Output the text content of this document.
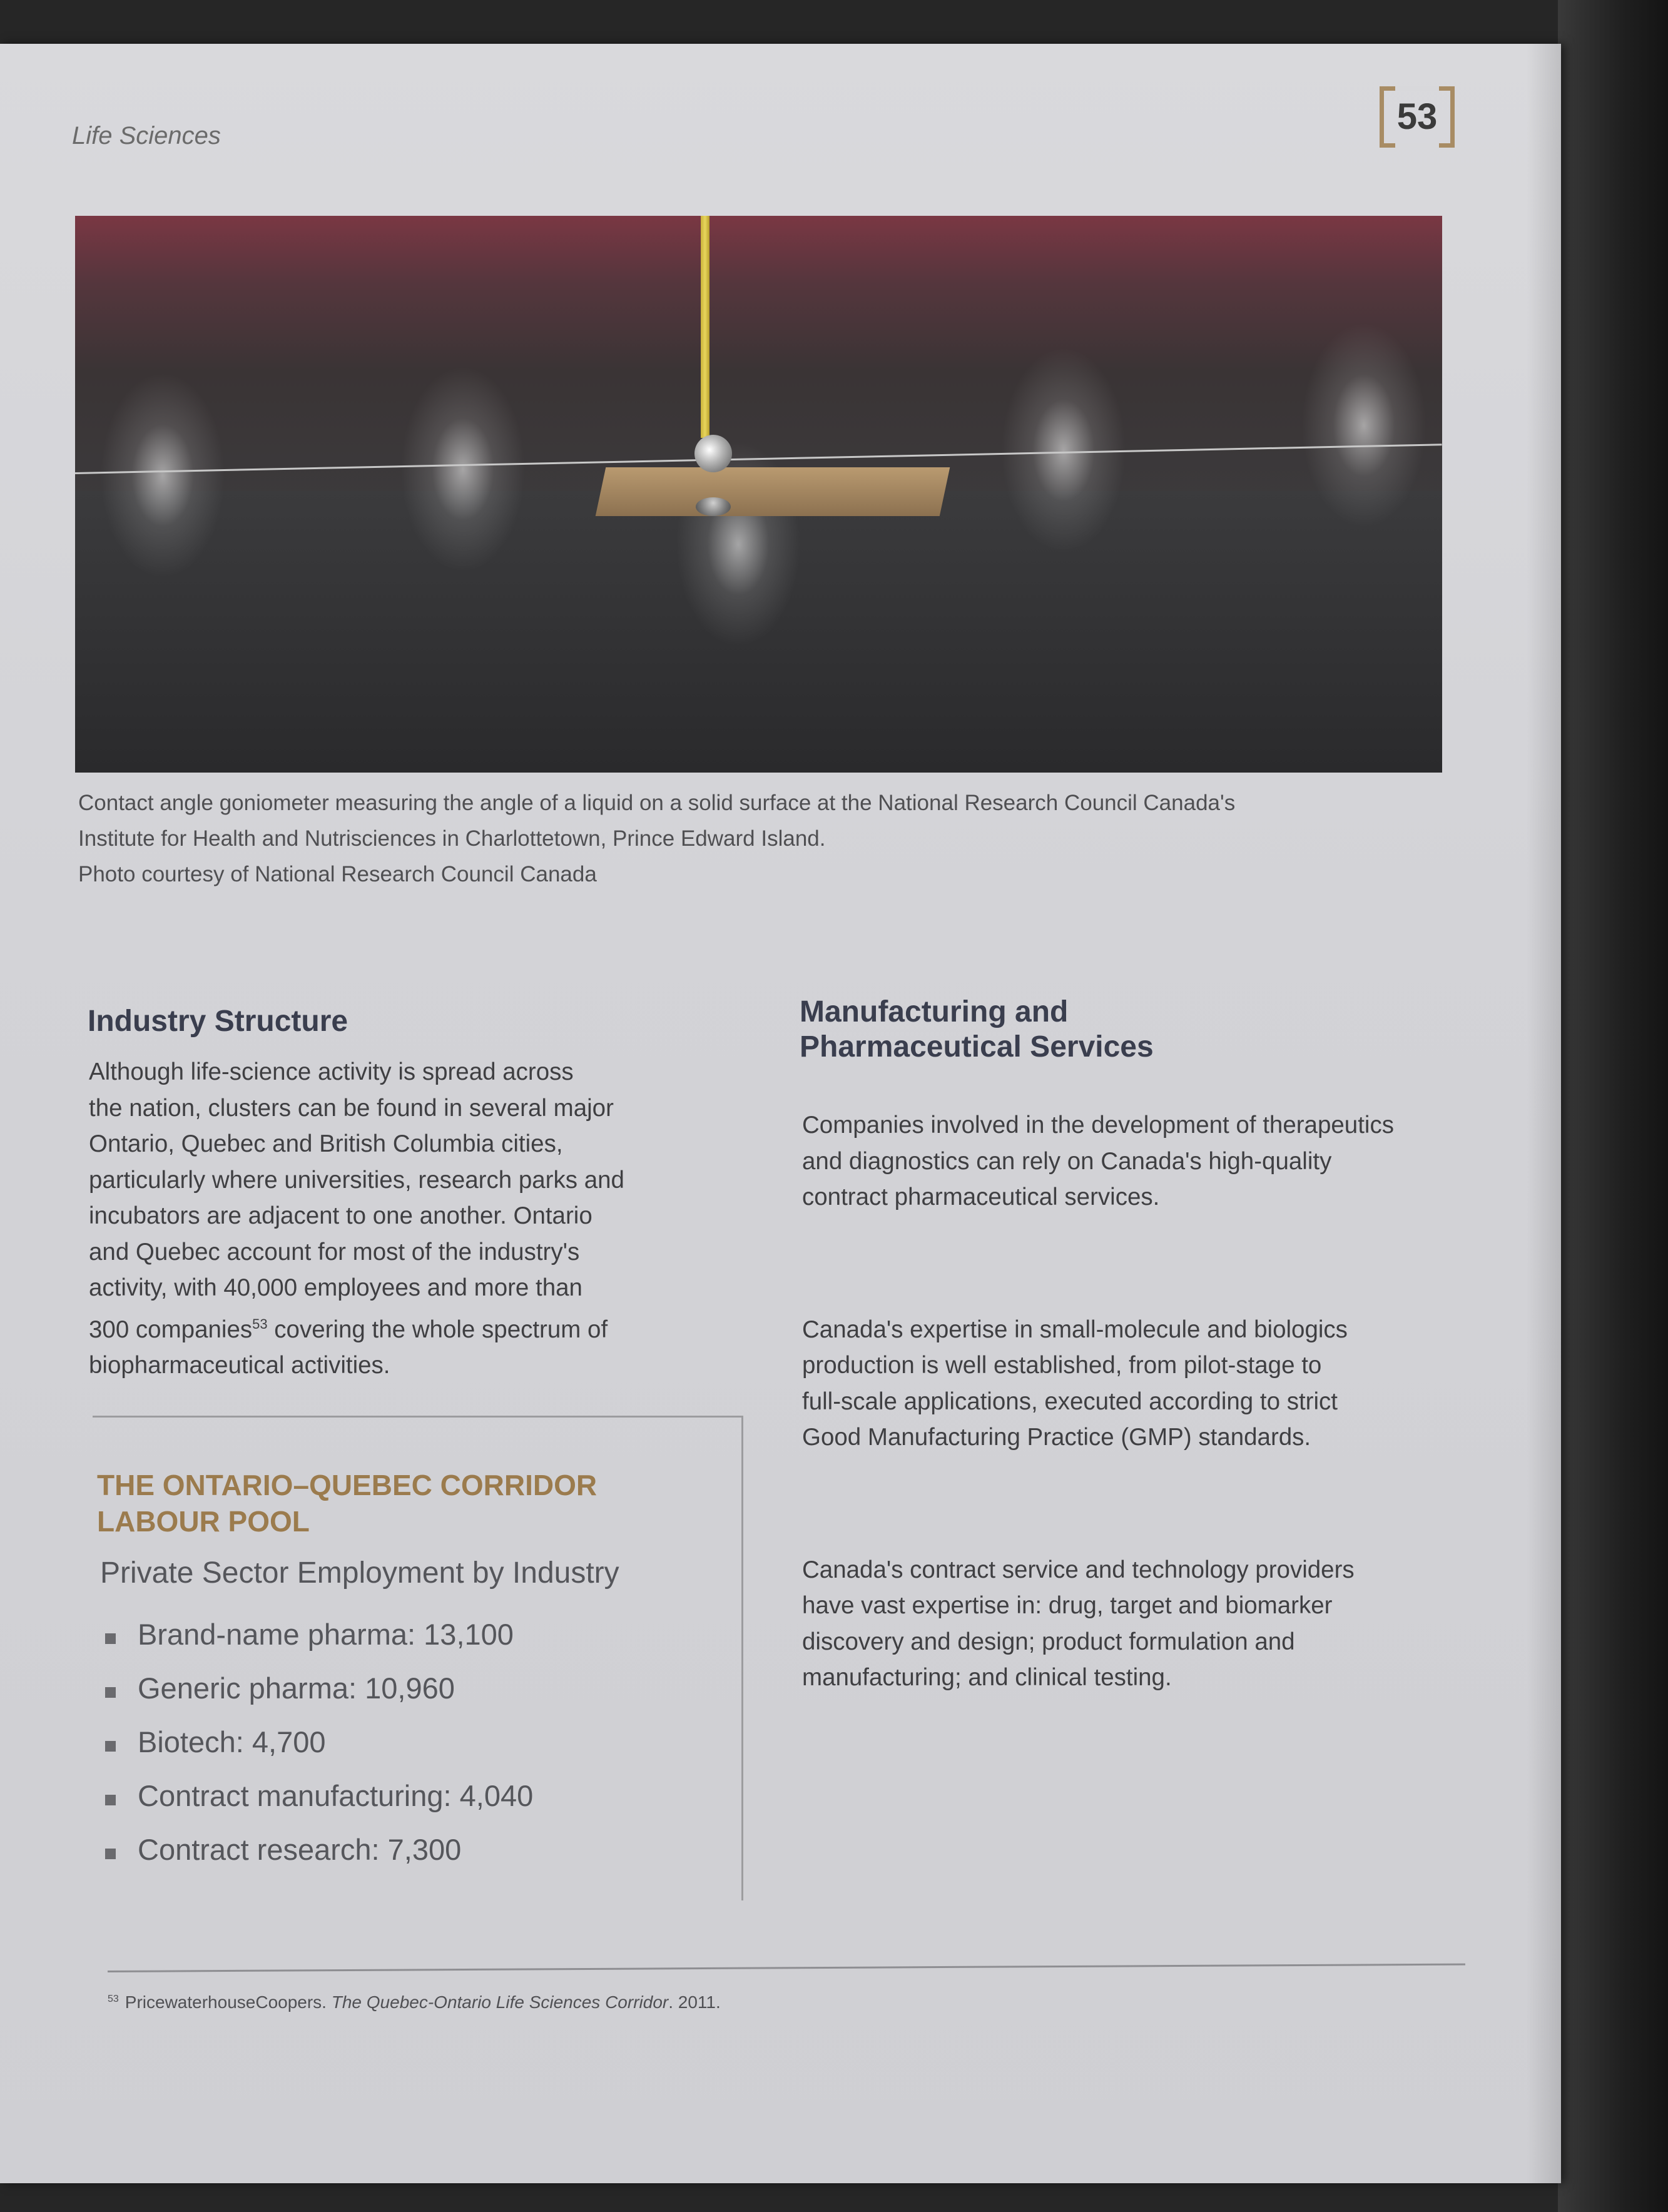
Life Sciences	53
Contact angle goniometer measuring the angle of a liquid on a solid surface at the National Research Council Canada's
Institute for Health and Nutrisciences in Charlottetown, Prince Edward Island.
Photo courtesy of National Research Council Canada
Industry Structure
Although life-science activity is spread across
the nation, clusters can be found in several major
Ontario, Quebec and British Columbia cities,
particularly where universities, research parks and
incubators are adjacent to one another. Ontario
and Quebec account for most of the industry's
activity, with 40,000 employees and more than
300 companies$^{53}$ covering the whole spectrum of
biopharmaceutical activities.
THE ONTARIO–QUEBEC CORRIDOR
LABOUR POOL
Private Sector Employment by Industry
Brand-name pharma: 13,100
Generic pharma: 10,960
Biotech: 4,700
Contract manufacturing: 4,040
Contract research: 7,300
Manufacturing and
Pharmaceutical Services

Companies involved in the development of therapeutics
and diagnostics can rely on Canada's high-quality
contract pharmaceutical services.

Canada's expertise in small-molecule and biologics
production is well established, from pilot-stage to
full-scale applications, executed according to strict
Good Manufacturing Practice (GMP) standards.

Canada's contract service and technology providers
have vast expertise in: drug, target and biomarker
discovery and design; product formulation and
manufacturing; and clinical testing.

$^{53}$ PricewaterhouseCoopers. The Quebec-Ontario Life Sciences Corridor. 2011.
